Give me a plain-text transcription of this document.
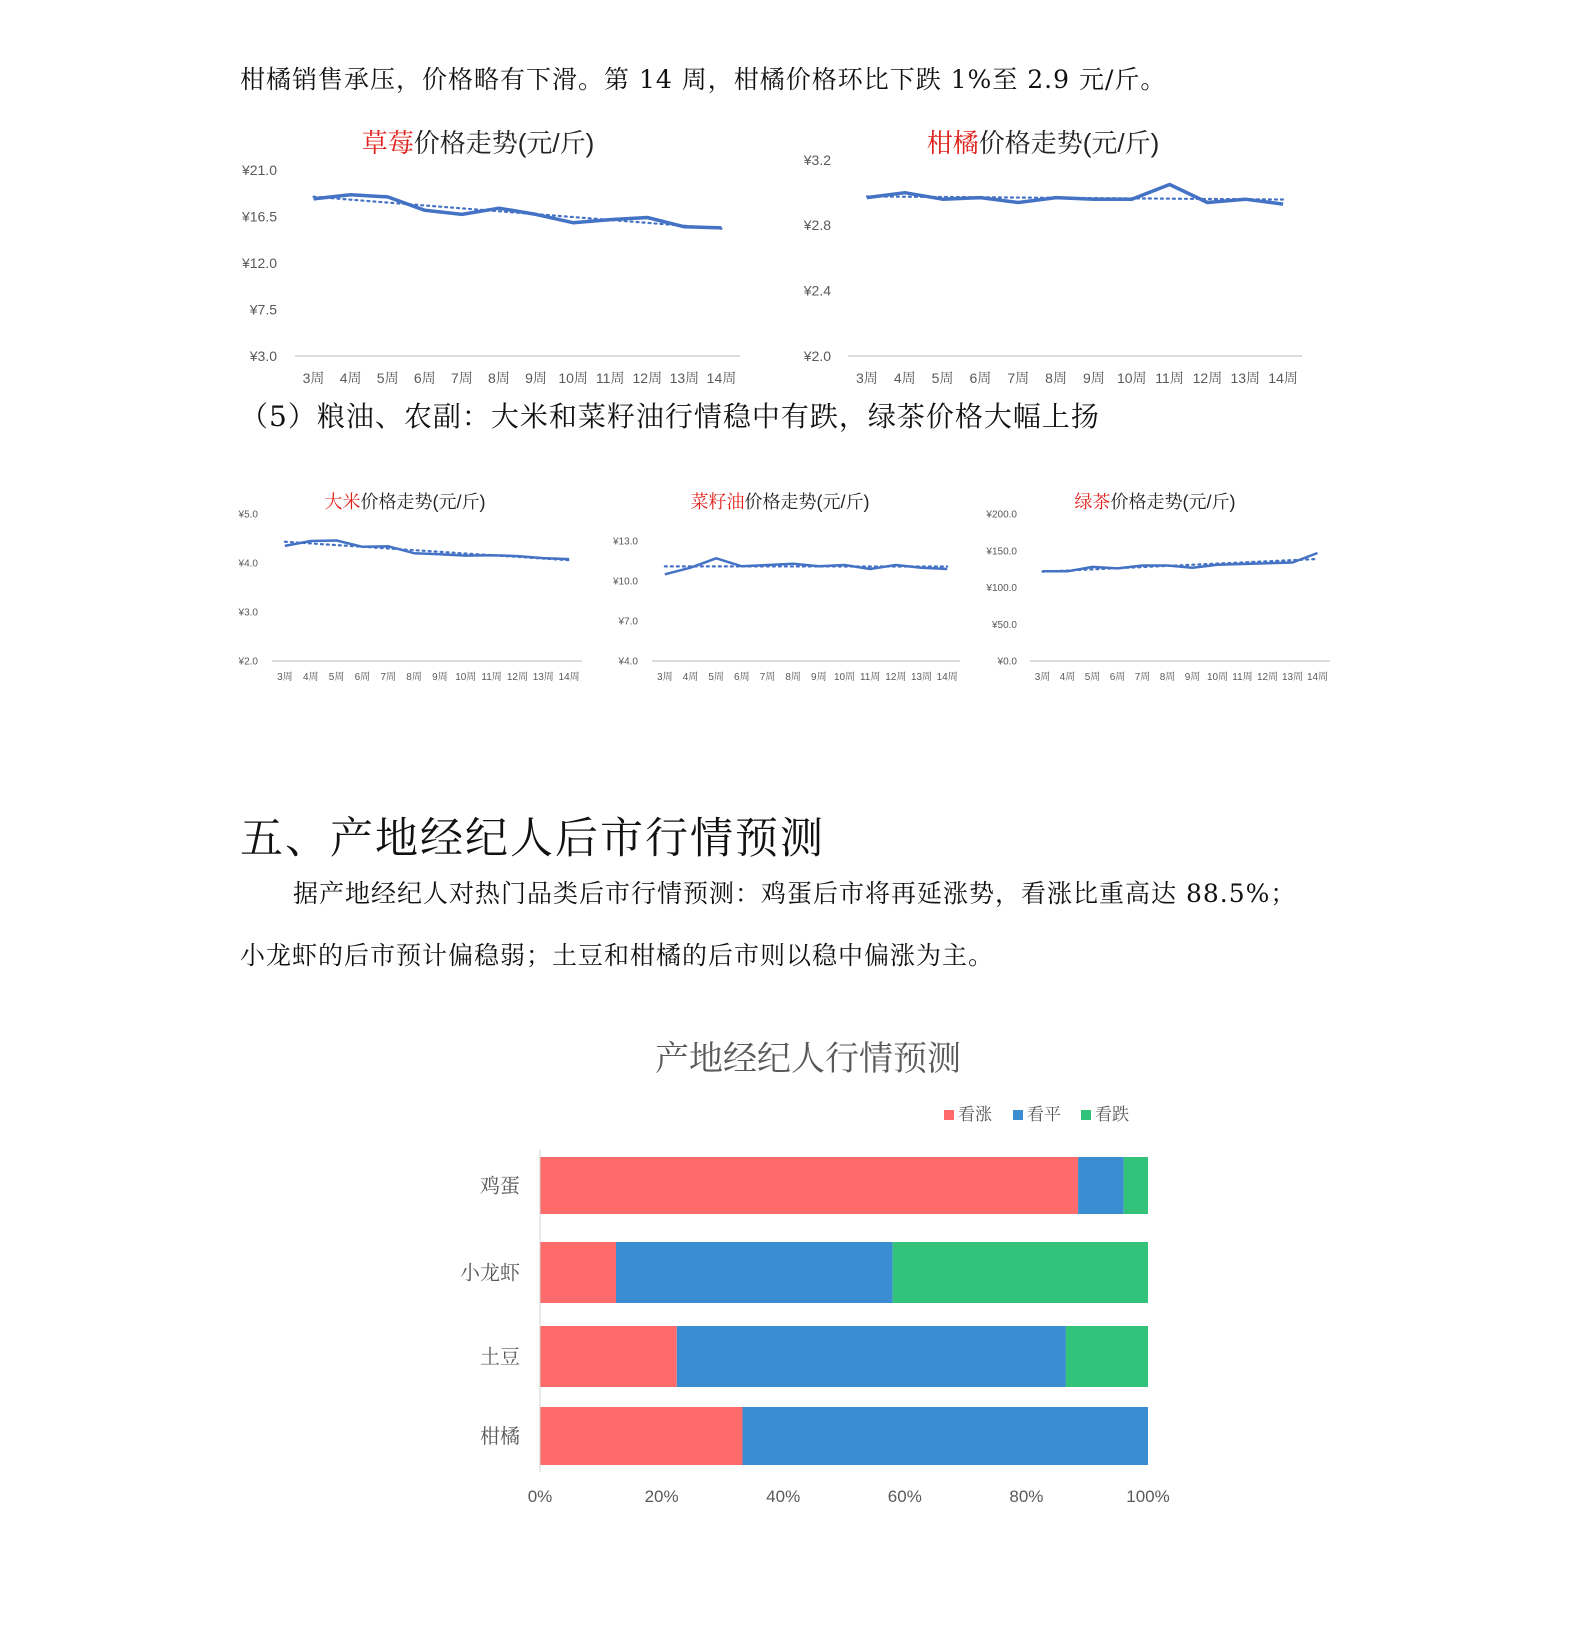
柑橘销售承压，价格略有下滑。第 14 周，柑橘价格环比下跌 1%至 2.9 元/斤。
（5）粮油、农副：大米和菜籽油行情稳中有跌，绿茶价格大幅上扬
五、产地经纪人后市行情预测
据产地经纪人对热门品类后市行情预测：鸡蛋后市将再延涨势，看涨比重高达 88.5%；
小龙虾的后市预计偏稳弱；土豆和柑橘的后市则以稳中偏涨为主。
草莓价格走势(元/斤)
¥3.0
¥7.5
¥12.0
¥16.5
¥21.0
3周 4周 5周 6周 7周 8周 9周 10周 11周 12周 13周 14周
柑橘价格走势(元/斤)
¥2.0
¥2.4
¥2.8
¥3.2
3周 4周 5周 6周 7周 8周 9周 10周 11周 12周 13周 14周
大米价格走势(元/斤)
¥2.0
¥3.0
¥4.0
¥5.0
3周 4周 5周 6周 7周 8周 9周 10周 11周 12周 13周 14周
菜籽油价格走势(元/斤)
¥4.0
¥7.0
¥10.0
¥13.0
3周 4周 5周 6周 7周 8周 9周 10周 11周 12周 13周 14周
绿茶价格走势(元/斤)
¥0.0
¥50.0
¥100.0
¥150.0
¥200.0
3周 4周 5周 6周 7周 8周 9周 10周 11周 12周 13周 14周
产地经纪人行情预测
看涨 看平 看跌
鸡蛋
小龙虾
土豆
柑橘
0%	20%	40%	60%	80%	100%
